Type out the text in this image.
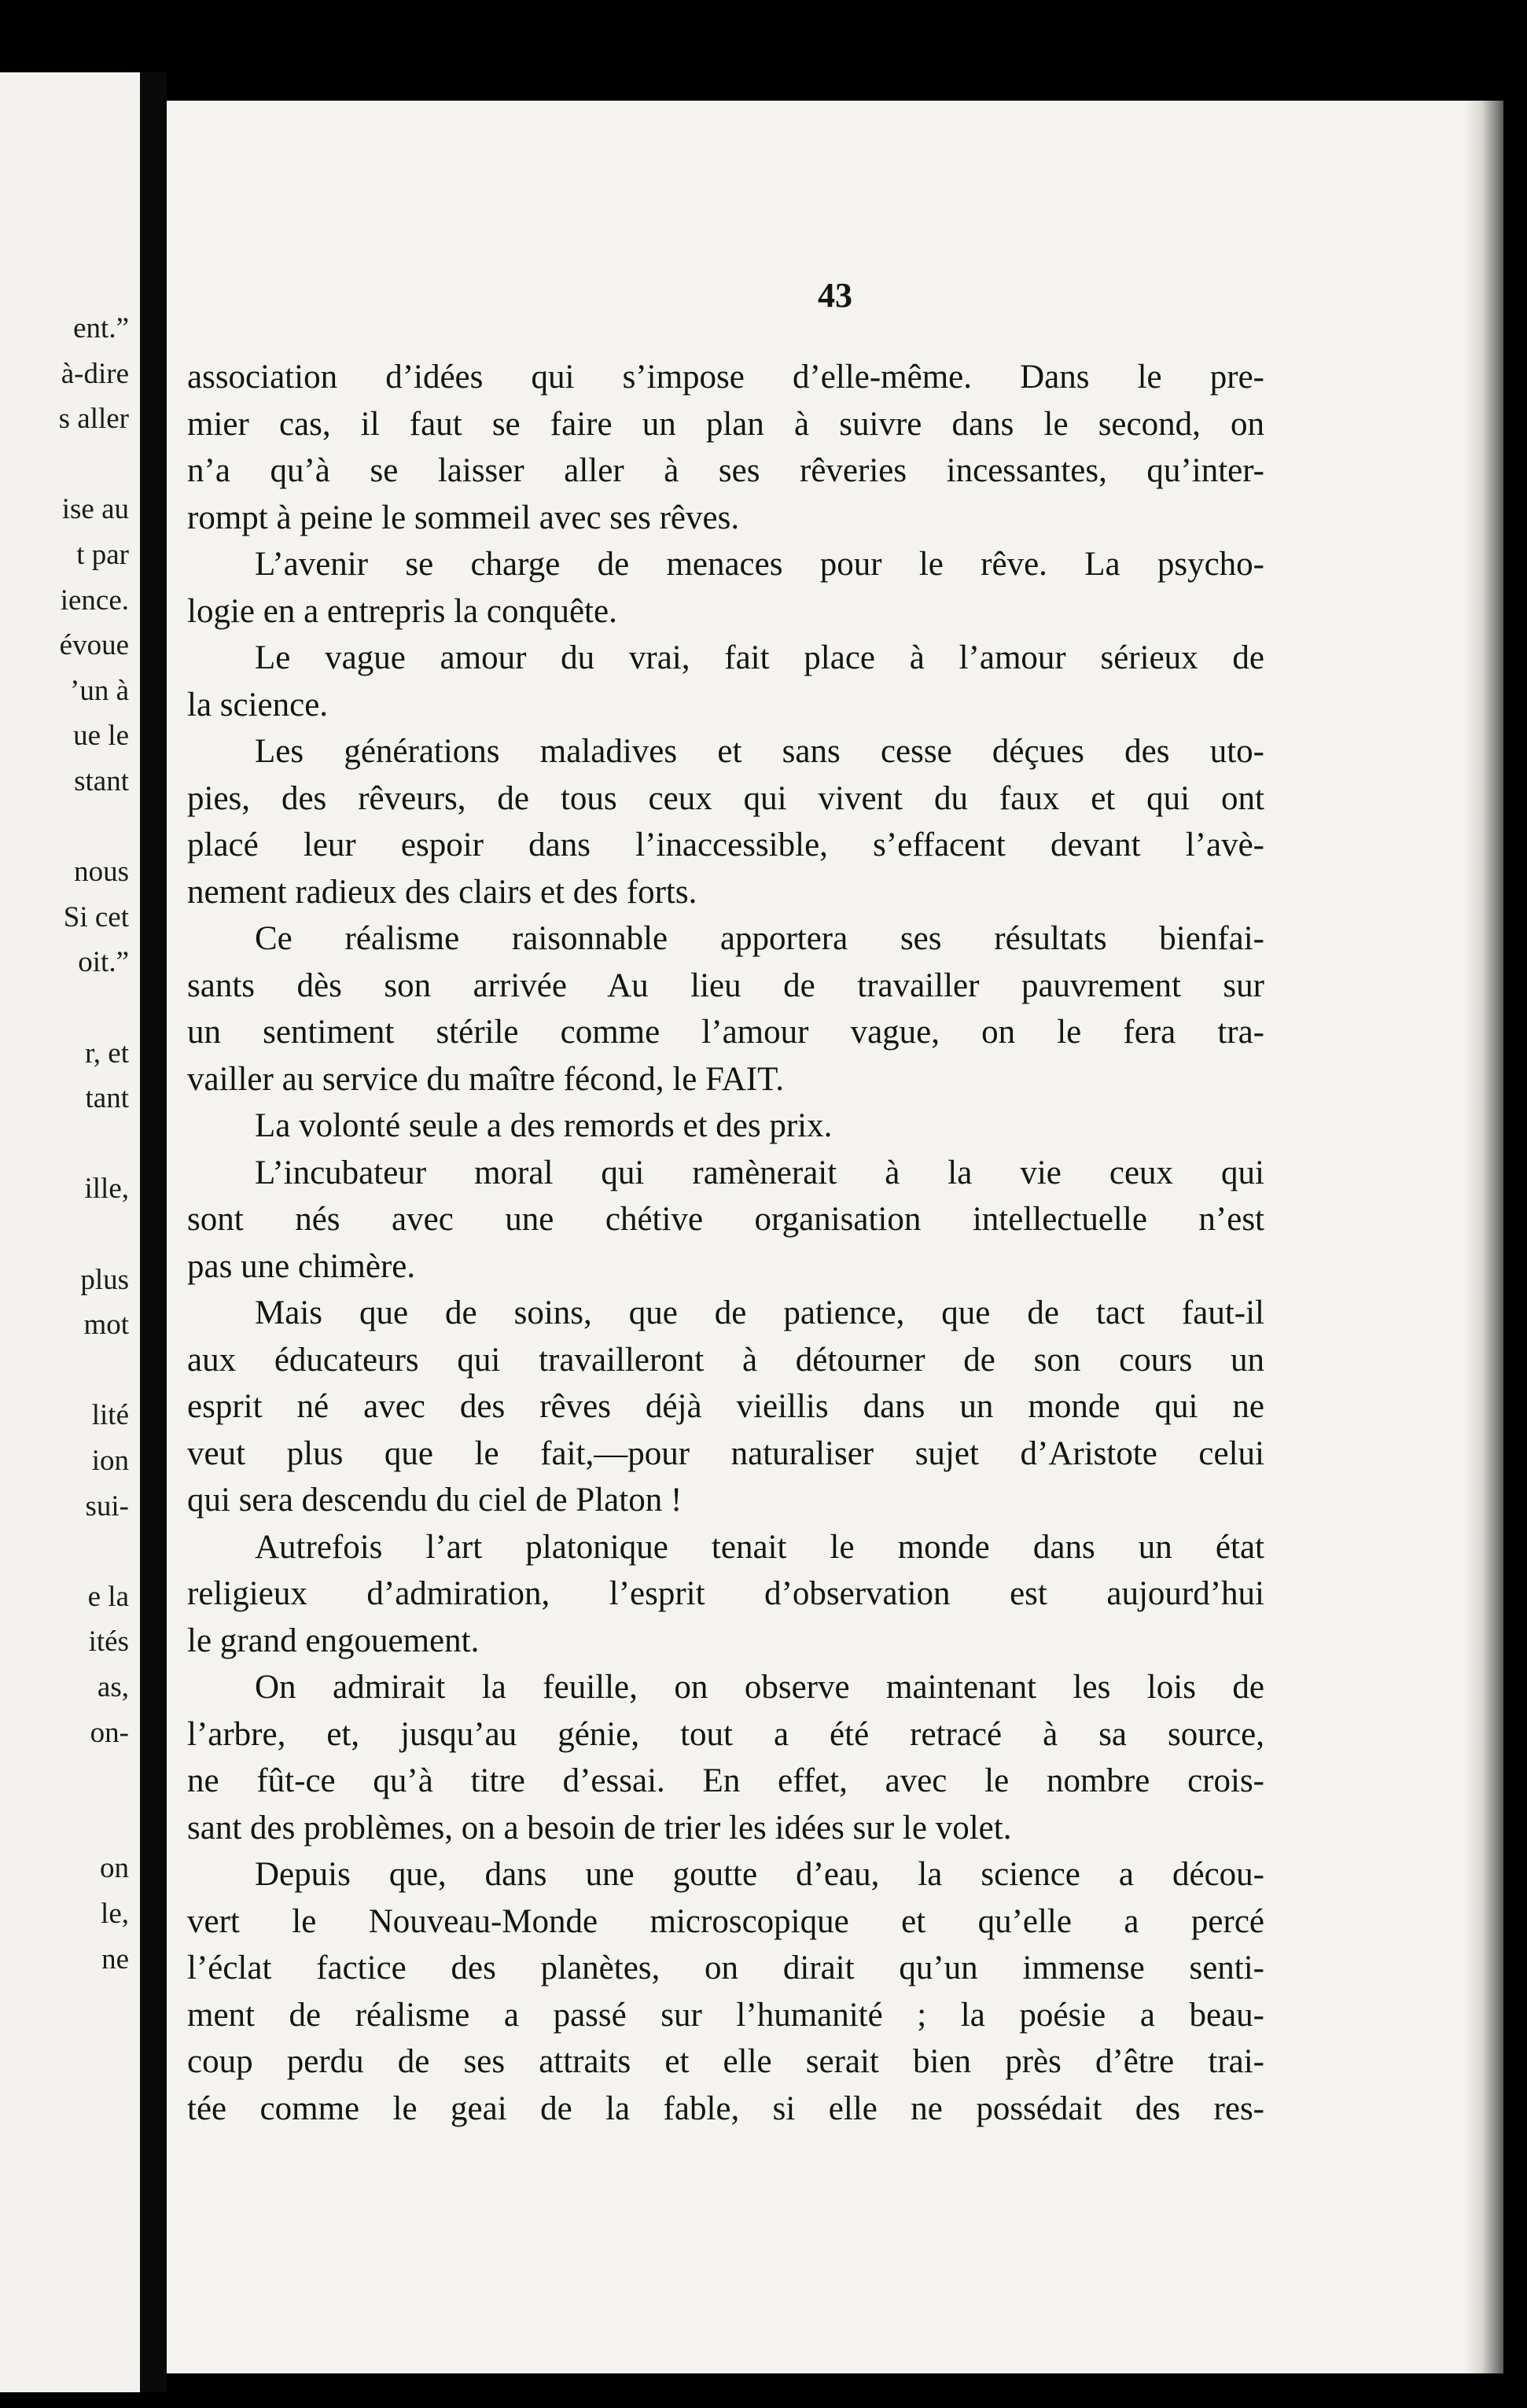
ent.”
à-dire
s aller
ise au
t par
ience.
évoue
’un à
ue le
stant
nous
Si cet
oit.”
r, et
tant
ille,
plus
mot
lité
ion
sui-
e la
ités
as,
on-
on
le,
ne
43
association d’idées qui s’impose d’elle-même. Dans le pre-
mier cas, il faut se faire un plan à suivre dans le second, on
n’a qu’à se laisser aller à ses rêveries incessantes, qu’inter-
rompt à peine le sommeil avec ses rêves.
L’avenir se charge de menaces pour le rêve. La psycho-
logie en a entrepris la conquête.
Le vague amour du vrai, fait place à l’amour sérieux de
la science.
Les générations maladives et sans cesse déçues des uto-
pies, des rêveurs, de tous ceux qui vivent du faux et qui ont
placé leur espoir dans l’inaccessible, s’effacent devant l’avè-
nement radieux des clairs et des forts.
Ce réalisme raisonnable apportera ses résultats bienfai-
sants dès son arrivée Au lieu de travailler pauvrement sur
un sentiment stérile comme l’amour vague, on le fera tra-
vailler au service du maître fécond, le FAIT.
La volonté seule a des remords et des prix.
L’incubateur moral qui ramènerait à la vie ceux qui
sont nés avec une chétive organisation intellectuelle n’est
pas une chimère.
Mais que de soins, que de patience, que de tact faut-il
aux éducateurs qui travailleront à détourner de son cours un
esprit né avec des rêves déjà vieillis dans un monde qui ne
veut plus que le fait,—pour naturaliser sujet d’Aristote celui
qui sera descendu du ciel de Platon !
Autrefois l’art platonique tenait le monde dans un état
religieux d’admiration, l’esprit d’observation est aujourd’hui
le grand engouement.
On admirait la feuille, on observe maintenant les lois de
l’arbre, et, jusqu’au génie, tout a été retracé à sa source,
ne fût-ce qu’à titre d’essai. En effet, avec le nombre crois-
sant des problèmes, on a besoin de trier les idées sur le volet.
Depuis que, dans une goutte d’eau, la science a décou-
vert le Nouveau-Monde microscopique et qu’elle a percé
l’éclat factice des planètes, on dirait qu’un immense senti-
ment de réalisme a passé sur l’humanité ; la poésie a beau-
coup perdu de ses attraits et elle serait bien près d’être trai-
tée comme le geai de la fable, si elle ne possédait des res-
